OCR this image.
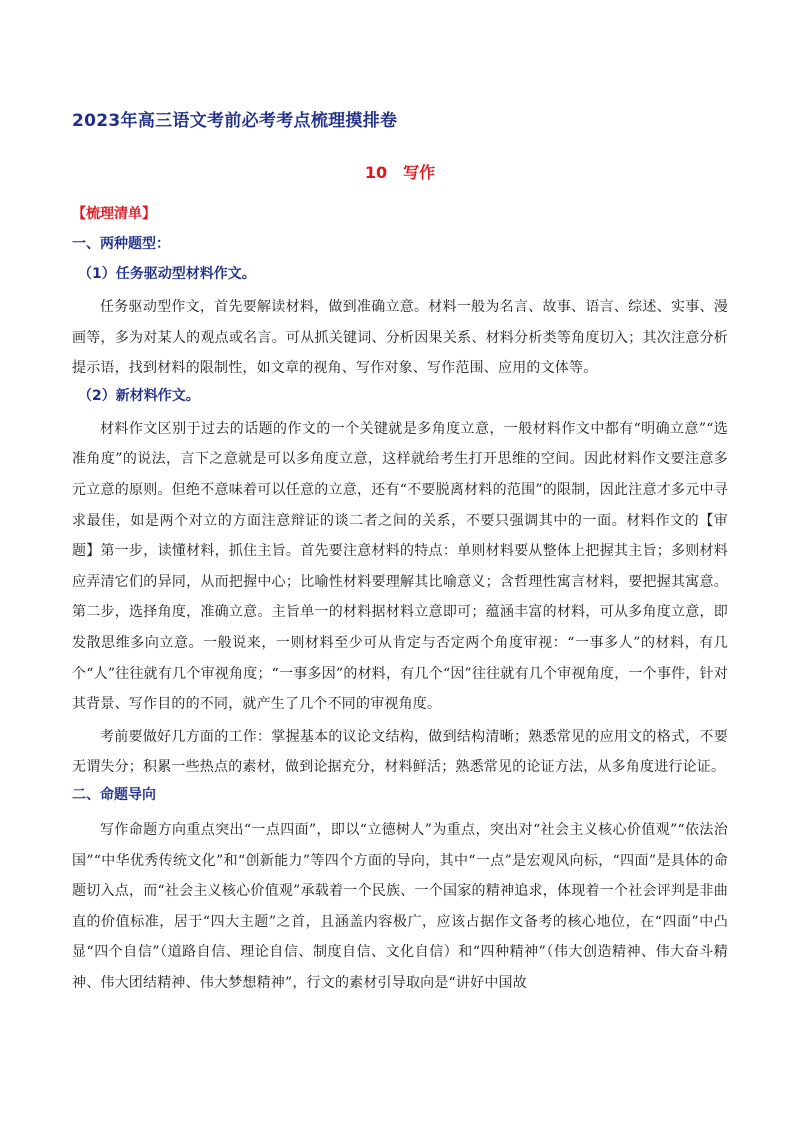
2023年高三语文考前必考考点梳理摸排卷
10　写作
【梳理清单】
一、两种题型：
（1）任务驱动型材料作文。

任务驱动型作文，首先要解读材料，做到准确立意。材料一般为名言、故事、语言、综述、实事、漫画等，多为对某人的观点或名言。可从抓关键词、分析因果关系、材料分析类等角度切入；其次注意分析提示语，找到材料的限制性，如文章的视角、写作对象、写作范围、应用的文体等。

（2）新材料作文。

材料作文区别于过去的话题的作文的一个关键就是多角度立意，一般材料作文中都有“明确立意”“选准角度”的说法，言下之意就是可以多角度立意，这样就给考生打开思维的空间。因此材料作文要注意多元立意的原则。但绝不意味着可以任意的立意，还有“不要脱离材料的范围”的限制，因此注意才多元中寻求最佳，如是两个对立的方面注意辩证的谈二者之间的关系，不要只强调其中的一面。材料作文的【审题】第一步，读懂材料，抓住主旨。首先要注意材料的特点：单则材料要从整体上把握其主旨；多则材料应弄清它们的异同，从而把握中心；比喻性材料要理解其比喻意义；含哲理性寓言材料，要把握其寓意。第二步，选择角度，准确立意。主旨单一的材料据材料立意即可；蕴涵丰富的材料，可从多角度立意，即发散思维多向立意。一般说来，一则材料至少可从肯定与否定两个角度审视：“一事多人”的材料，有几个“人”往往就有几个审视角度；“一事多因”的材料，有几个“因”往往就有几个审视角度，一个事件，针对其背景、写作目的的不同，就产生了几个不同的审视角度。

考前要做好几方面的工作：掌握基本的议论文结构，做到结构清晰；熟悉常见的应用文的格式，不要无谓失分；积累一些热点的素材，做到论据充分，材料鲜活；熟悉常见的论证方法，从多角度进行论证。

二、命题导向

写作命题方向重点突出“一点四面”，即以“立德树人”为重点，突出对“社会主义核心价值观”“依法治国”“中华优秀传统文化”和“创新能力”等四个方面的导向，其中“一点”是宏观风向标，“四面”是具体的命题切入点，而“社会主义核心价值观”承载着一个民族、一个国家的精神追求，体现着一个社会评判是非曲直的价值标准，居于“四大主题”之首，且涵盖内容极广，应该占据作文备考的核心地位，在“四面”中凸显“四个自信”（道路自信、理论自信、制度自信、文化自信）和“四种精神”（伟大创造精神、伟大奋斗精神、伟大团结精神、伟大梦想精神”，行文的素材引导取向是“讲好中国故
